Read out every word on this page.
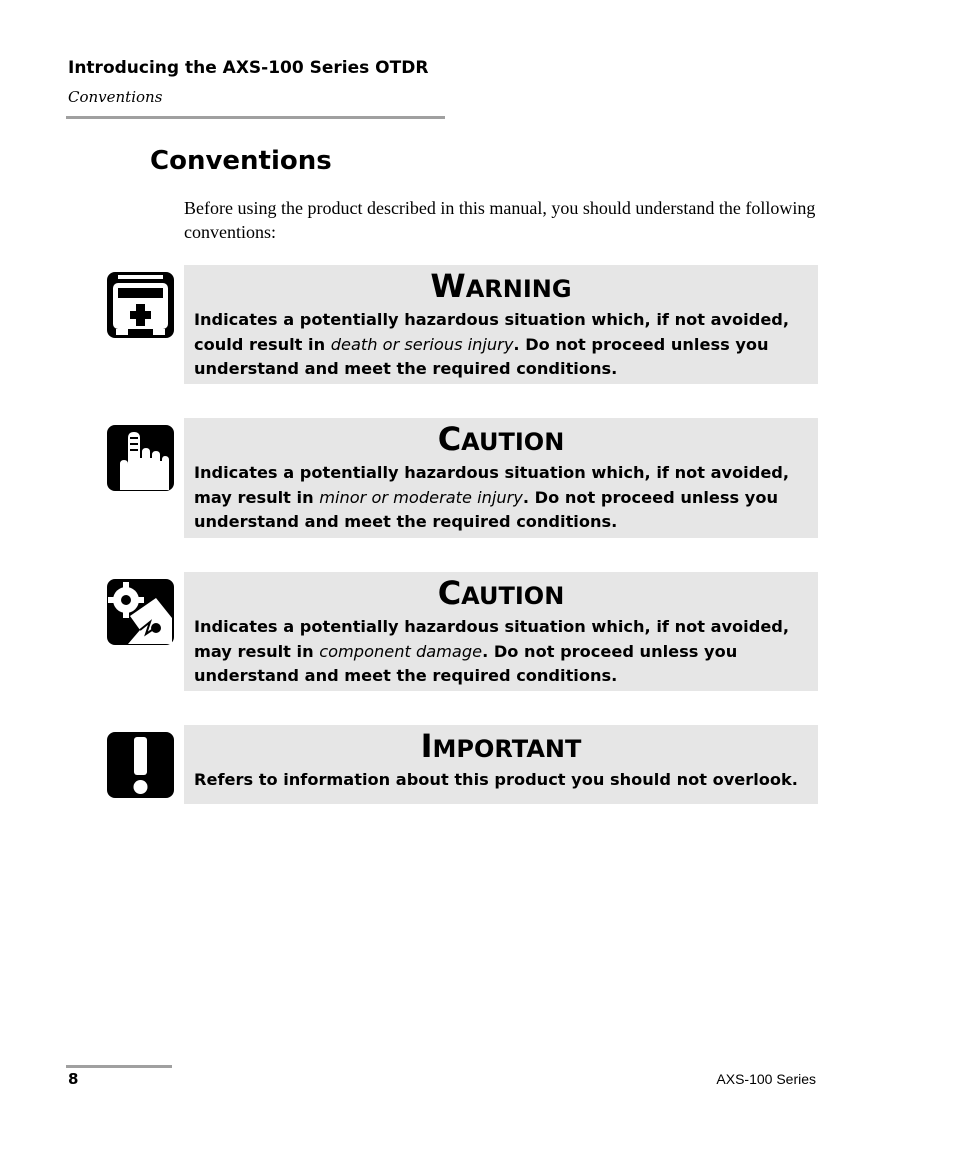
Introducing the AXS-100 Series OTDR
Conventions
Conventions

Before using the product described in this manual, you should understand the following conventions:

WARNING

Indicates a potentially hazardous situation which, if not avoided, could result in death or serious injury. Do not proceed unless you understand and meet the required conditions.

CAUTION

Indicates a potentially hazardous situation which, if not avoided, may result in minor or moderate injury. Do not proceed unless you understand and meet the required conditions.

CAUTION

Indicates a potentially hazardous situation which, if not avoided, may result in component damage. Do not proceed unless you understand and meet the required conditions.

IMPORTANT

Refers to information about this product you should not overlook.

8	AXS-100 Series
